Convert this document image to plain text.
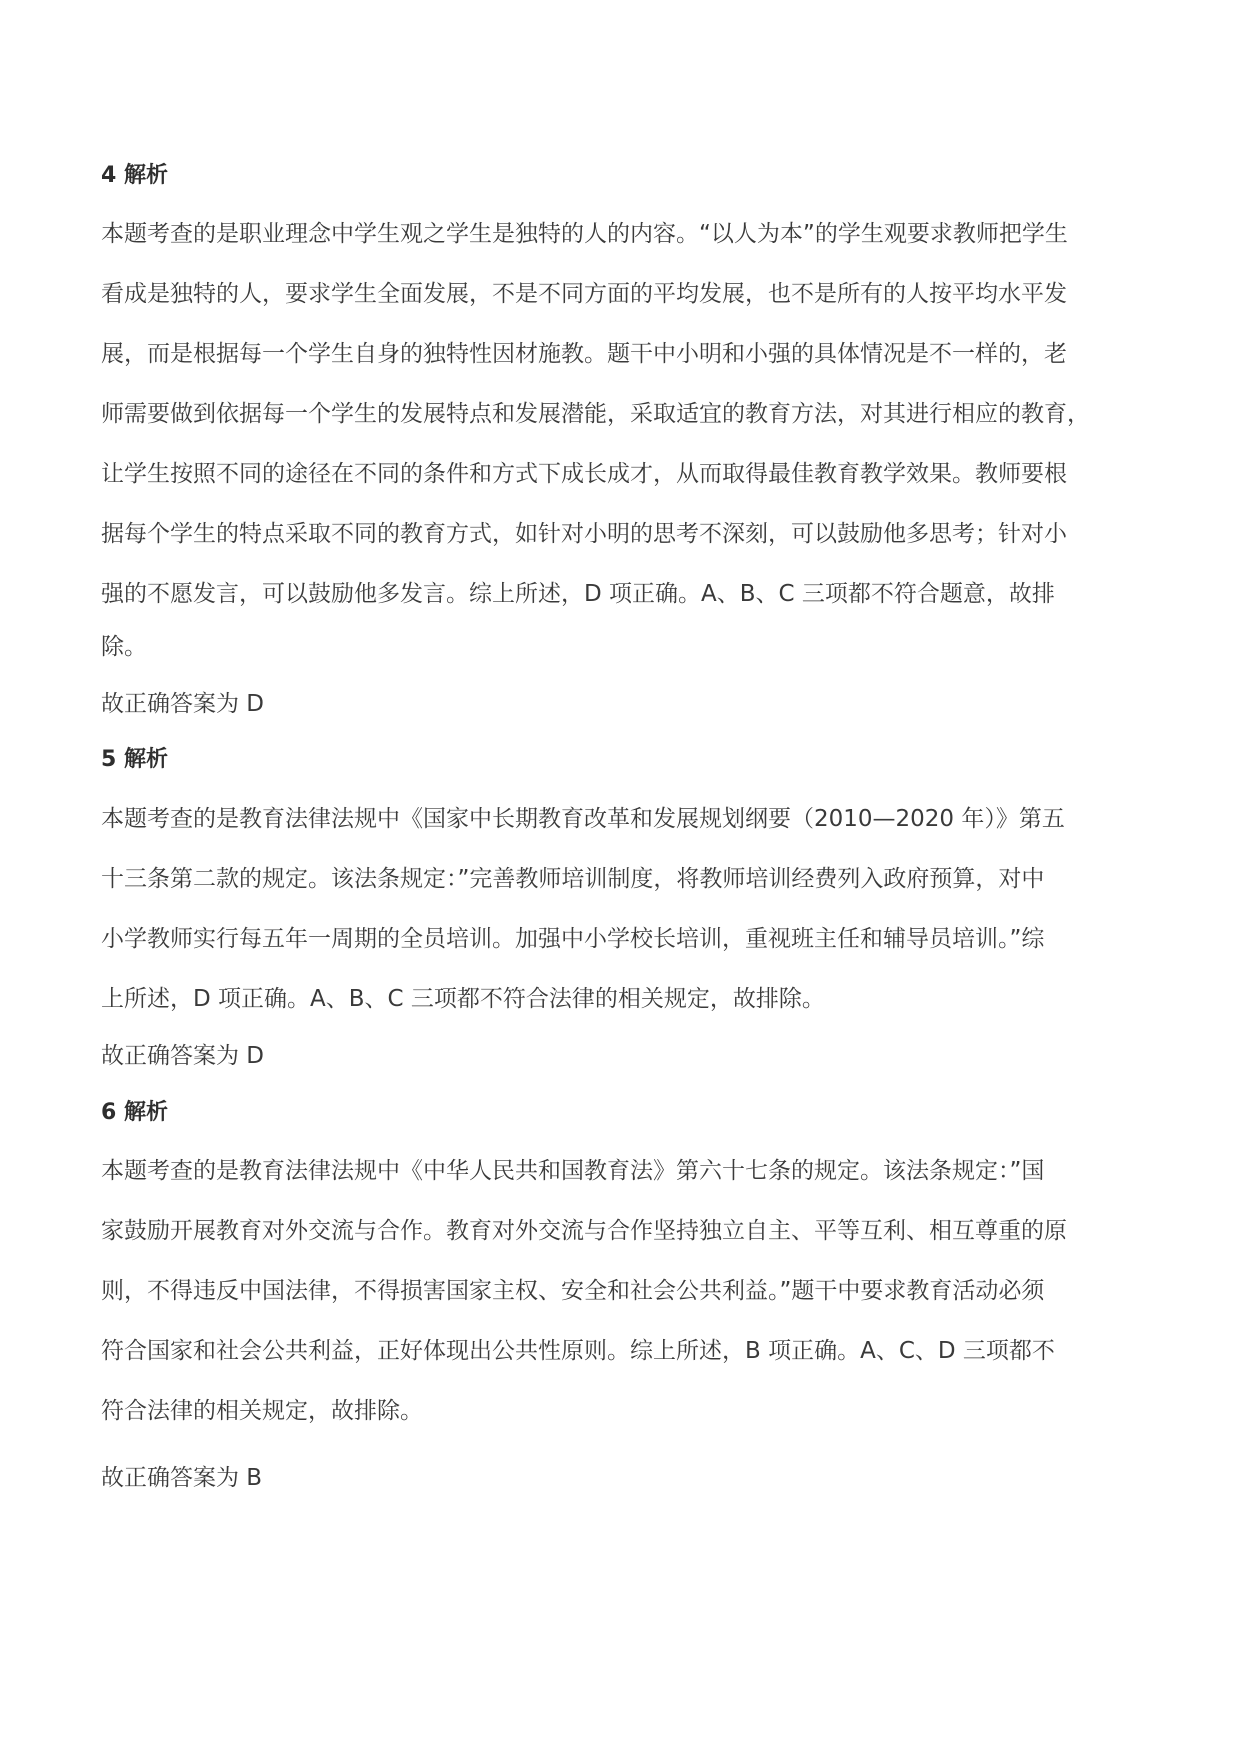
4 解析
本题考查的是职业理念中学生观之学生是独特的人的内容。“以人为本”的学生观要求教师把学生
看成是独特的人，要求学生全面发展，不是不同方面的平均发展，也不是所有的人按平均水平发
展，而是根据每一个学生自身的独特性因材施教。题干中小明和小强的具体情况是不一样的，老
师需要做到依据每一个学生的发展特点和发展潜能，采取适宜的教育方法，对其进行相应的教育，
让学生按照不同的途径在不同的条件和方式下成长成才，从而取得最佳教育教学效果。教师要根
据每个学生的特点采取不同的教育方式，如针对小明的思考不深刻，可以鼓励他多思考；针对小
强的不愿发言，可以鼓励他多发言。综上所述，D 项正确。A、B、C 三项都不符合题意，故排
除。
故正确答案为 D
5 解析
本题考查的是教育法律法规中《国家中长期教育改革和发展规划纲要（2010—2020 年）》第五
十三条第二款的规定。该法条规定：”完善教师培训制度，将教师培训经费列入政府预算，对中
小学教师实行每五年一周期的全员培训。加强中小学校长培训，重视班主任和辅导员培训。”综
上所述，D 项正确。A、B、C 三项都不符合法律的相关规定，故排除。
故正确答案为 D
6 解析
本题考查的是教育法律法规中《中华人民共和国教育法》第六十七条的规定。该法条规定：”国
家鼓励开展教育对外交流与合作。教育对外交流与合作坚持独立自主、平等互利、相互尊重的原
则，不得违反中国法律，不得损害国家主权、安全和社会公共利益。”题干中要求教育活动必须
符合国家和社会公共利益，正好体现出公共性原则。综上所述，B 项正确。A、C、D 三项都不
符合法律的相关规定，故排除。
故正确答案为 B
